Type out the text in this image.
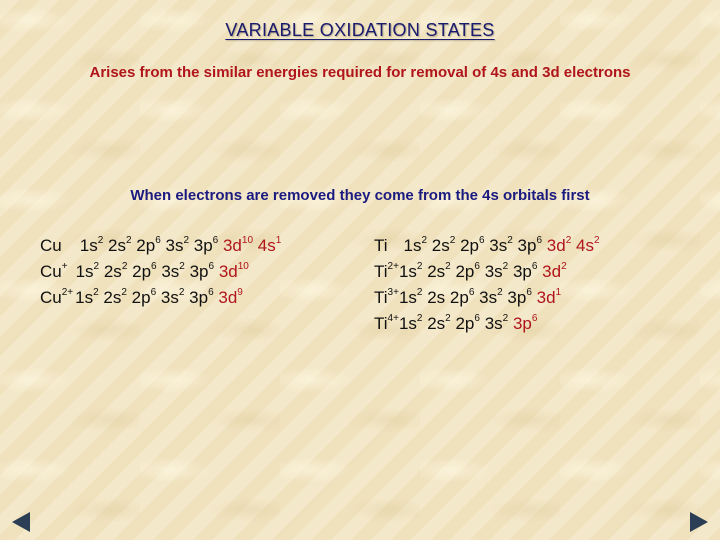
VARIABLE OXIDATION STATES
Arises from the similar energies required for removal of 4s and 3d electrons
When electrons are removed they come from the 4s orbitals first
Cu $1s^2$ $2s^2$ $2p^6$ $3s^2$ $3p^6$ $3d^{10}$ $4s^1$
Cu+ $1s^2$ $2s^2$ $2p^6$ $3s^2$ $3p^6$ $3d^{10}$
$Cu^{2+}$ $1s^2$ $2s^2$ $2p^6$ $3s^2$ $3p^6$ $3d^9$
Ti $1s^2$ $2s^2$ $2p^6$ $3s^2$ $3p^6$ $3d^2$ $4s^2$
$Ti^{2+}1s^2$ $2s^2$ $2p^6$ $3s^2$ $3p^6$ $3d^2$
$Ti^{3+}1s^2$ 2s $2p^6$ $3s^2$ $3p^6$ $3d^1$
$Ti^{4+}1s^2$ $2s^2$ $2p^6$ $3s^2$ $3p^6$
